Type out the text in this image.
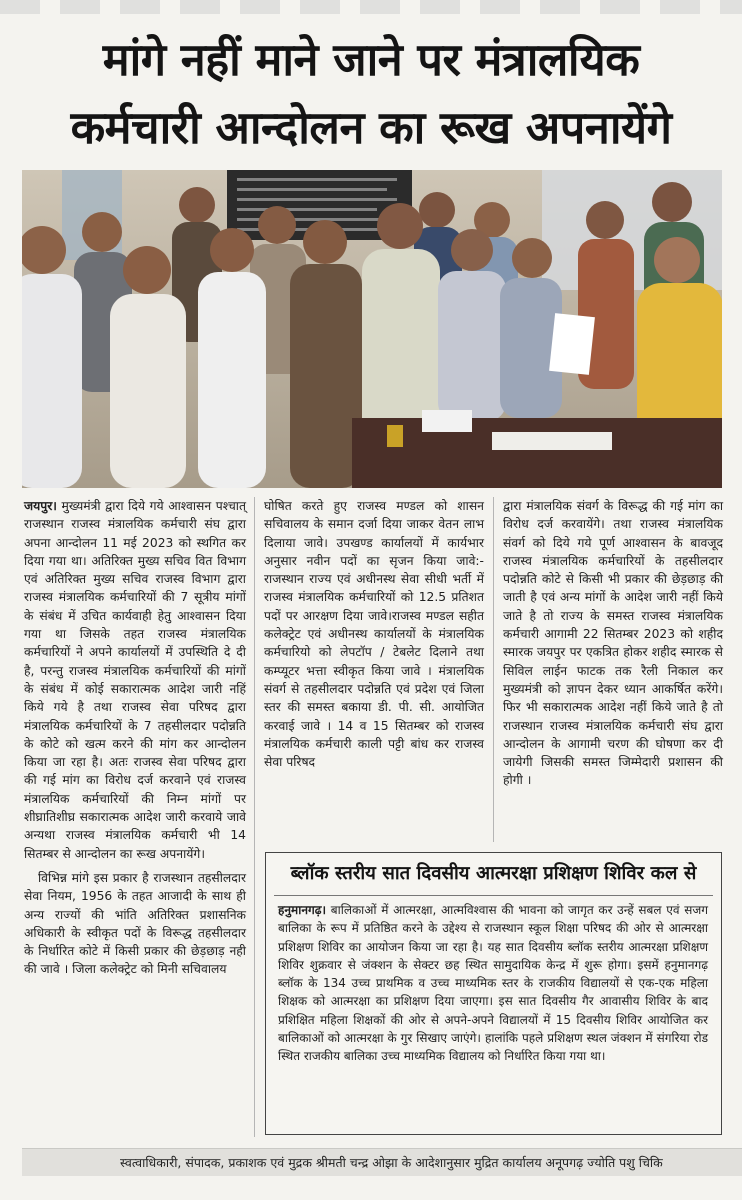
मांगे नहीं माने जाने पर मंत्रालयिक
कर्मचारी आन्दोलन का रूख अपनायेंगे

जयपुर। मुख्यमंत्री द्वारा दिये गये आश्वासन पश्चात् राजस्थान राजस्व मंत्रालयिक कर्मचारी संघ द्वारा अपना आन्दोलन 11 मई 2023 को स्थगित कर दिया गया था। अतिरिक्त मुख्य सचिव वित विभाग एवं अतिरिक्त मुख्य सचिव राजस्व विभाग द्वारा राजस्व मंत्रालयिक कर्मचारियों की 7 सूत्रीय मांगों के संबंध में उचित कार्यवाही हेतु आश्वासन दिया गया था जिसके तहत राजस्व मंत्रालयिक कर्मचारियों ने अपने कार्यालयों में उपस्थिति दे दी है, परन्तु राजस्व मंत्रालयिक कर्मचारियों की मांगों के संबंध में कोई सकारात्मक आदेश जारी नहिं किये गये है तथा राजस्व सेवा परिषद द्वारा मंत्रालयिक कर्मचारियों के 7 तहसीलदार पदोन्नति के कोटे को खत्म करने की मांग कर आन्दोलन किया जा रहा है। अतः राजस्व सेवा परिषद द्वारा की गई मांग का विरोध दर्ज करवाने एवं राजस्व मंत्रालयिक कर्मचारियों की निम्न मांगों पर शीघ्रातिशीघ्र सकारात्मक आदेश जारी करवाये जावे अन्यथा राजस्व मंत्रालयिक कर्मचारी भी 14 सितम्बर से आन्दोलन का रूख अपनायेंगे।

विभिन्न मांगे इस प्रकार है राजस्थान तहसीलदार सेवा नियम, 1956 के तहत आजादी के साथ ही अन्य राज्यों की भांति अतिरिक्त प्रशासनिक अधिकारी के स्वीकृत पदों के विरूद्ध तहसीलदार के निर्धारित कोटे में किसी प्रकार की छेड़छाड़ नही की जावे । जिला कलेक्ट्रेट को मिनी सचिवालय

घोषित करते हुए राजस्व मण्डल को शासन सचिवालय के समान दर्जा दिया जाकर वेतन लाभ दिलाया जावे। उपखण्ड कार्यालयों में कार्यभार अनुसार नवीन पदों का सृजन किया जावे:- राजस्थान राज्य एवं अधीनस्थ सेवा सीधी भर्ती में राजस्व मंत्रालयिक कर्मचारियों को 12.5 प्रतिशत पदों पर आरक्षण दिया जावे।राजस्व मण्डल सहीत कलेक्ट्रेट एवं अधीनस्थ कार्यालयों के मंत्रालयिक कर्मचारियो को लेपटॉप / टेबलेट दिलाने तथा कम्प्यूटर भत्ता स्वीकृत किया जावे । मंत्रालयिक संवर्ग से तहसीलदार पदोन्नति एवं प्रदेश एवं जिला स्तर की समस्त बकाया डी. पी. सी. आयोजित करवाई जावे । 14 व 15 सितम्बर को राजस्व मंत्रालयिक कर्मचारी काली पट्टी बांध कर राजस्व सेवा परिषद

द्वारा मंत्रालयिक संवर्ग के विरूद्ध की गई मांग का विरोध दर्ज करवायेंगे। तथा राजस्व मंत्रालयिक संवर्ग को दिये गये पूर्ण आश्वासन के बावजूद राजस्व मंत्रालयिक कर्मचारियों के तहसीलदार पदोन्नति कोटे से किसी भी प्रकार की छेड़छाड़ की जाती है एवं अन्य मांगों के आदेश जारी नहीं किये जाते है तो राज्य के समस्त राजस्व मंत्रालयिक कर्मचारी आगामी 22 सितम्बर 2023 को शहीद स्मारक जयपुर पर एकत्रित होकर शहीद स्मारक से सिविल लाईन फाटक तक रैली निकाल कर मुख्यमंत्री को ज्ञापन देकर ध्यान आकर्षित करेंगे। फिर भी सकारात्मक आदेश नहीं किये जाते है तो राजस्थान राजस्व मंत्रालयिक कर्मचारी संघ द्वारा आन्दोलन के आगामी चरण की घोषणा कर दी जायेगी जिसकी समस्त जिम्मेदारी प्रशासन की होगी ।

ब्लॉक स्तरीय सात दिवसीय आत्मरक्षा प्रशिक्षण शिविर कल से

हनुमानगढ़। बालिकाओं में आत्मरक्षा, आत्मविश्वास की भावना को जागृत कर उन्हें सबल एवं सजग बालिका के रूप में प्रतिष्ठित करने के उद्देश्य से राजस्थान स्कूल शिक्षा परिषद की ओर से आत्मरक्षा प्रशिक्षण शिविर का आयोजन किया जा रहा है। यह सात दिवसीय ब्लॉक स्तरीय आत्मरक्षा प्रशिक्षण शिविर शुक्रवार से जंक्शन के सेक्टर छह स्थित सामुदायिक केन्द्र में शुरू होगा। इसमें हनुमानगढ़ ब्लॉक के 134 उच्च प्राथमिक व उच्च माध्यमिक स्तर के राजकीय विद्यालयों से एक-एक महिला शिक्षक को आत्मरक्षा का प्रशिक्षण दिया जाएगा। इस सात दिवसीय गैर आवासीय शिविर के बाद प्रशिक्षित महिला शिक्षकों की ओर से अपने-अपने विद्यालयों में 15 दिवसीय शिविर आयोजित कर बालिकाओं को आत्मरक्षा के गुर सिखाए जाएंगे। हालांकि पहले प्रशिक्षण स्थल जंक्शन में संगरिया रोड स्थित राजकीय बालिका उच्च माध्यमिक विद्यालय को निर्धारित किया गया था।

स्वत्वाधिकारी, संपादक, प्रकाशक एवं मुद्रक श्रीमती चन्द्र ओझा के आदेशानुसार मुद्रित कार्यालय अनूपगढ़ ज्योति पशु चिकि
